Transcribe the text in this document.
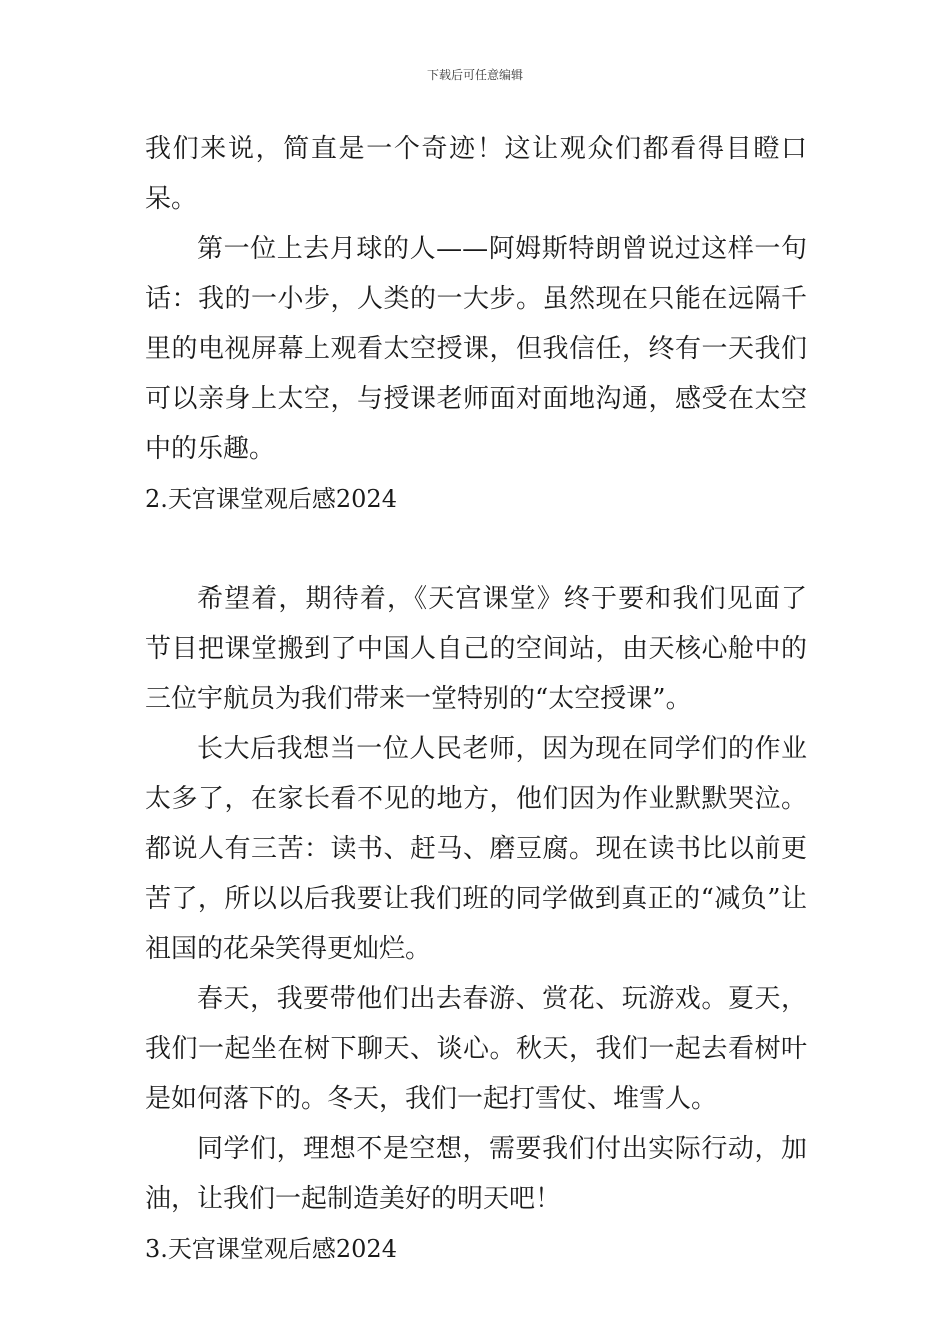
下载后可任意编辑

我们来说，简直是一个奇迹！这让观众们都看得目瞪口呆。

第一位上去月球的人——阿姆斯特朗曾说过这样一句话：我的一小步，人类的一大步。虽然现在只能在远隔千里的电视屏幕上观看太空授课，但我信任，终有一天我们可以亲身上太空，与授课老师面对面地沟通，感受在太空中的乐趣。

2.天宫课堂观后感2024

希望着，期待着，《天宫课堂》终于要和我们见面了节目把课堂搬到了中国人自己的空间站，由天核心舱中的三位宇航员为我们带来一堂特别的“太空授课”。

长大后我想当一位人民老师，因为现在同学们的作业太多了，在家长看不见的地方，他们因为作业默默哭泣。都说人有三苦：读书、赶马、磨豆腐。现在读书比以前更苦了，所以以后我要让我们班的同学做到真正的“减负”让祖国的花朵笑得更灿烂。

春天，我要带他们出去春游、赏花、玩游戏。夏天，我们一起坐在树下聊天、谈心。秋天，我们一起去看树叶是如何落下的。冬天，我们一起打雪仗、堆雪人。

同学们，理想不是空想，需要我们付出实际行动，加油，让我们一起制造美好的明天吧！

3.天宫课堂观后感2024
